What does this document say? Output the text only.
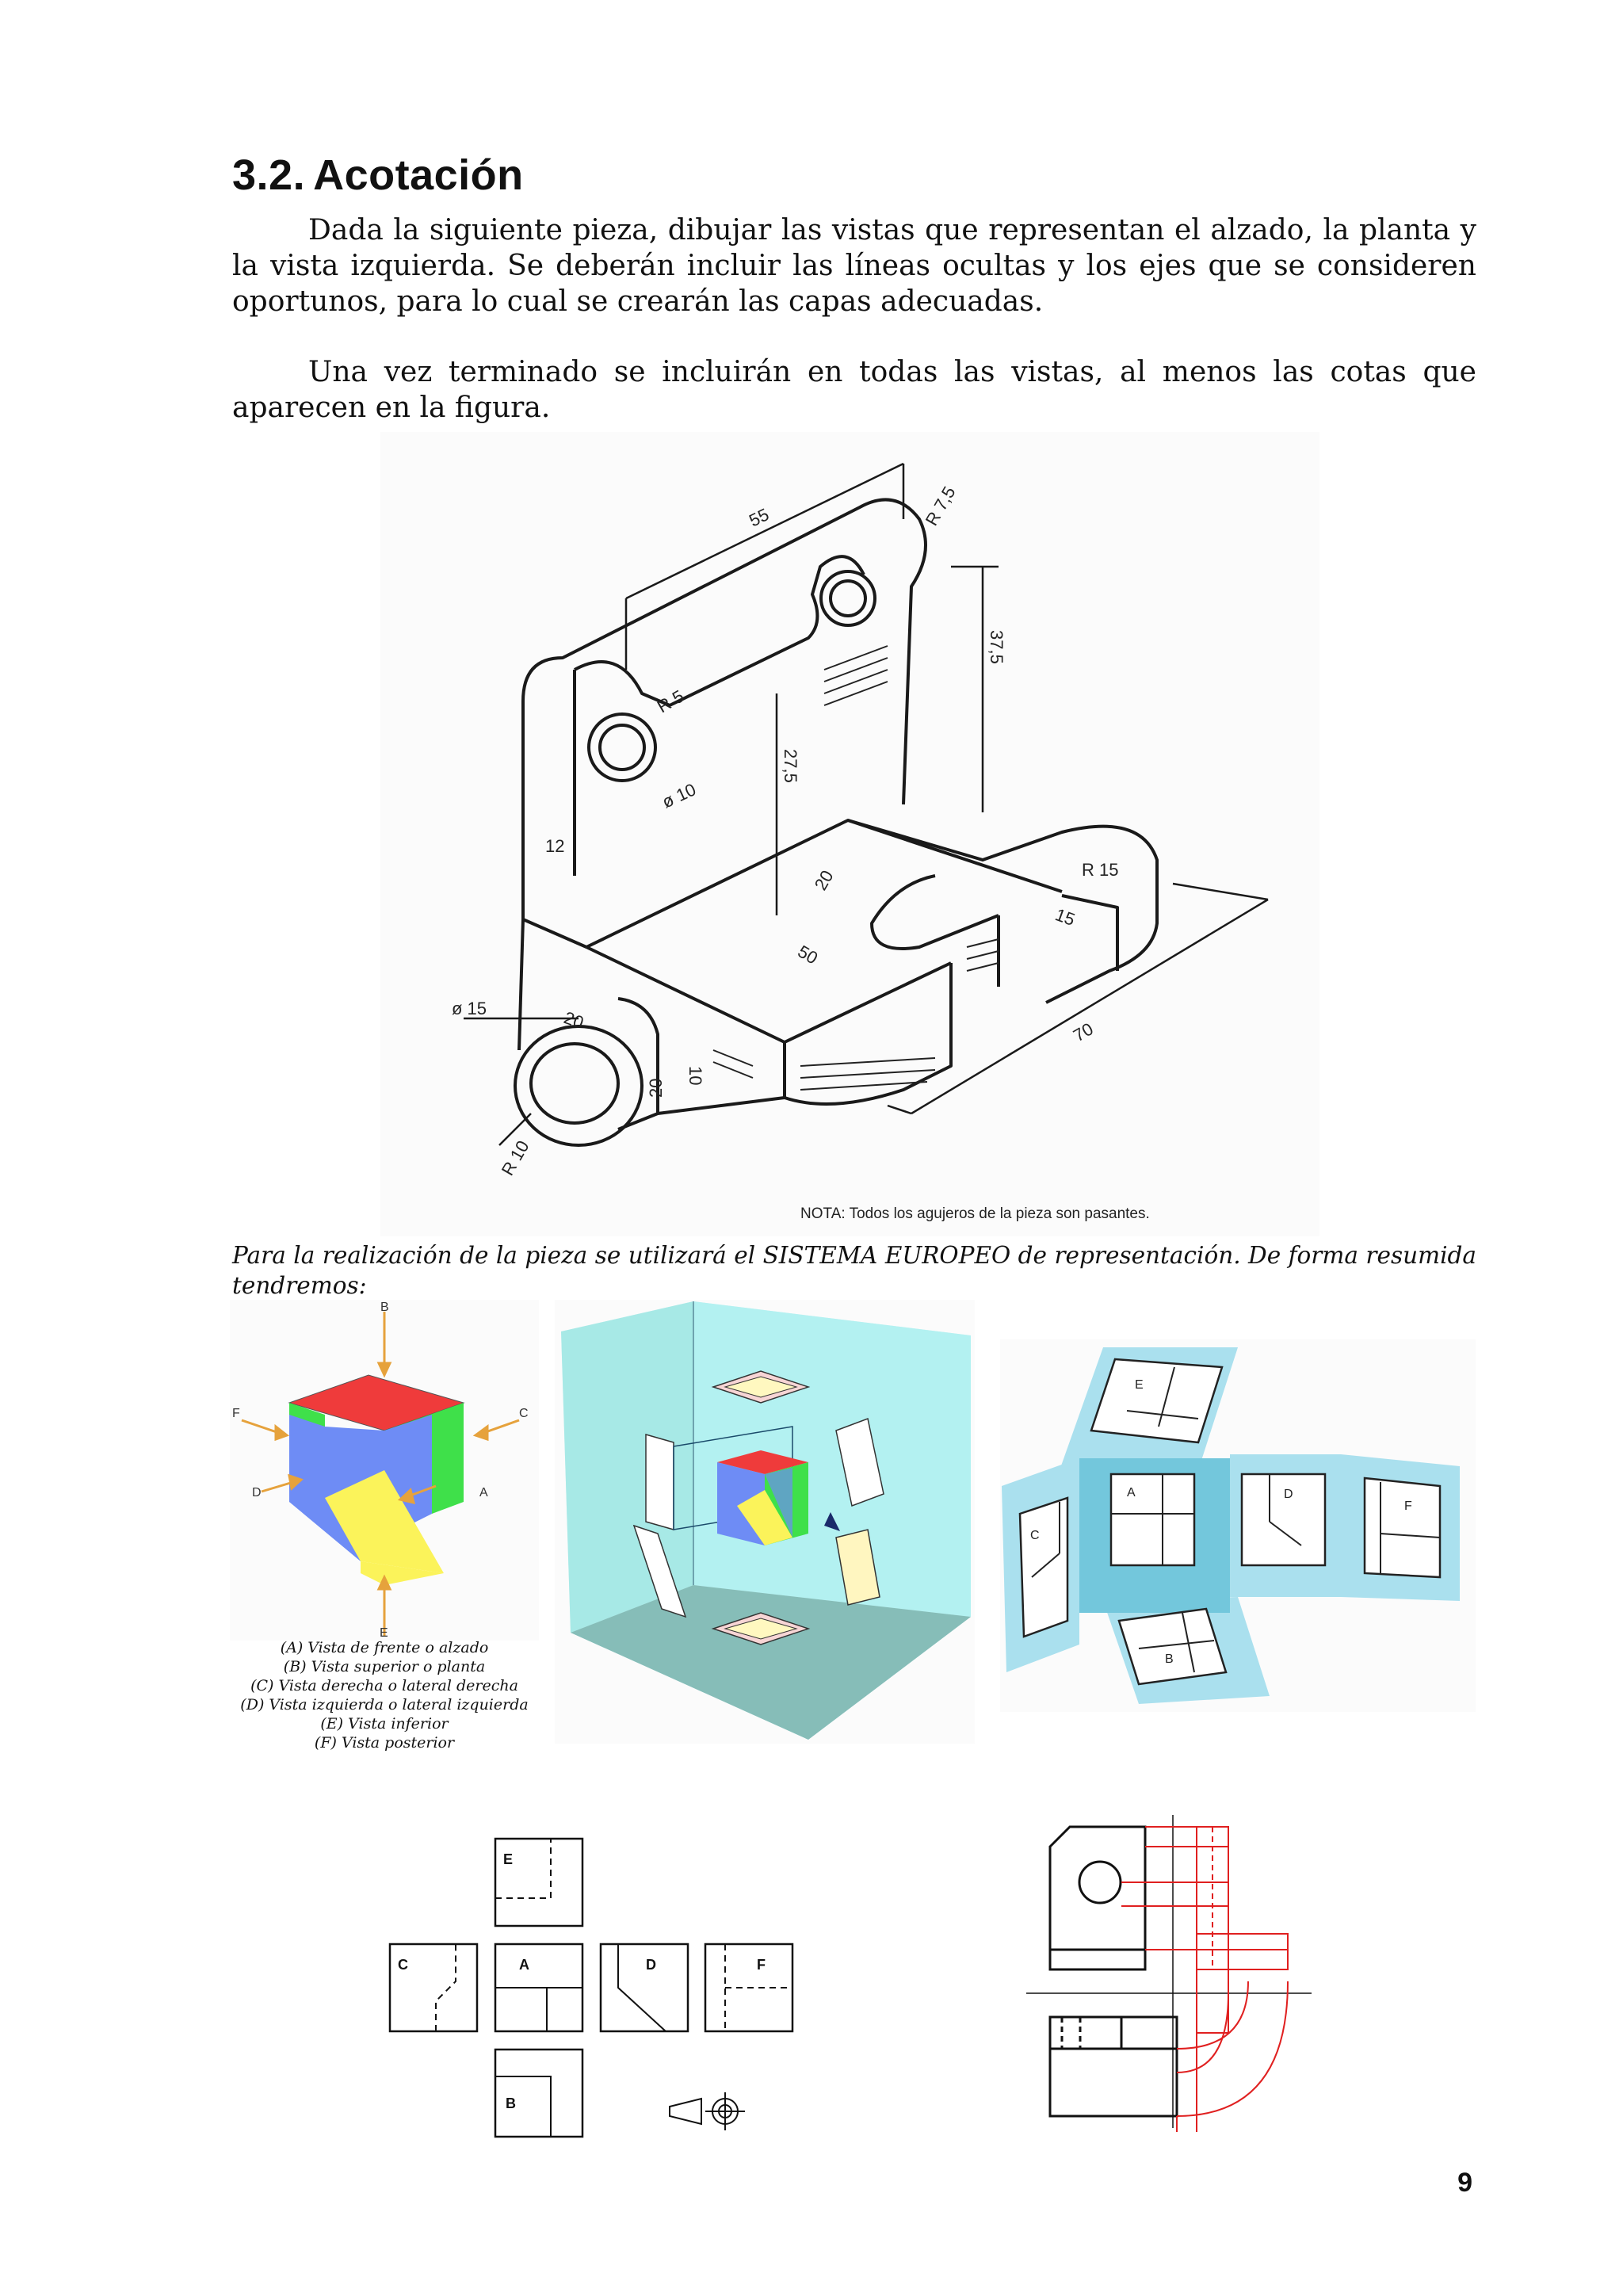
3.2. Acotación
Dada la siguiente pieza, dibujar las vistas que representan el alzado, la planta y la vista izquierda. Se deberán incluir las líneas ocultas y los ejes que se consideren oportunos, para lo cual se crearán las capas adecuadas.
Una vez terminado se incluirán en todas las vistas, al menos las cotas que aparecen en la figura.
55	R 7,5
37,5
R 5
27,5
ø 10
12
20
50
R 15
15
ø 15	20
10
20
70
R 10
NOTA: Todos los agujeros de la pieza son pasantes.
Para la realización de la pieza se utilizará el SISTEMA EUROPEO de representación. De forma resumida tendremos:
B
F	C
D	A
E
(A) Vista de frente o alzado
(B) Vista superior o planta
(C) Vista derecha o lateral derecha
(D) Vista izquierda o lateral izquierda
(E) Vista inferior
(F) Vista posterior
E
A	D
F
C
B
E
C	A	D	F
B
9
